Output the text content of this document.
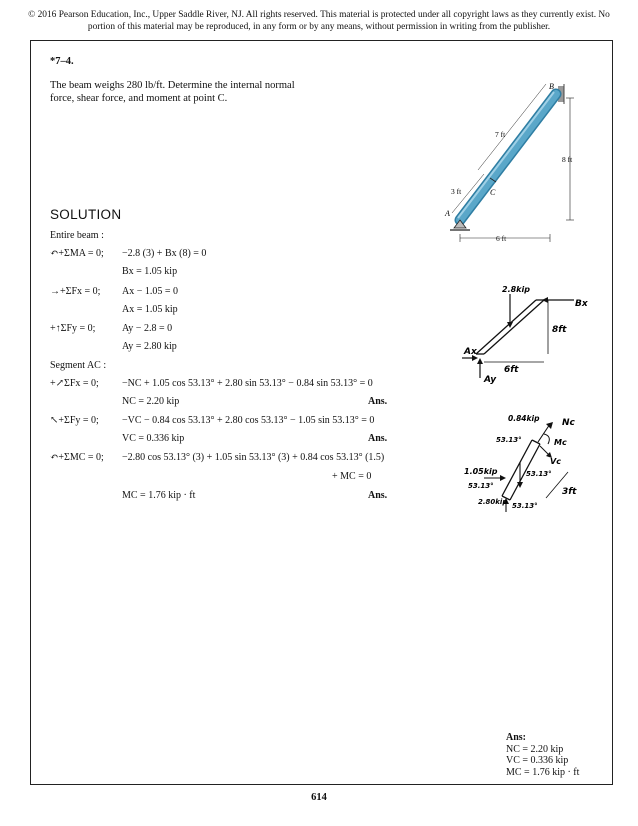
© 2016 Pearson Education, Inc., Upper Saddle River, NJ. All rights reserved. This material is protected under all copyright laws as they currently exist. No portion of this material may be reproduced, in any form or by any means, without permission in writing from the publisher.
*7–4.
The beam weighs 280 lb/ft. Determine the internal normal force, shear force, and moment at point C.
B
A
C
7 ft
8 ft
3 ft
6 ft
SOLUTION
Entire beam :
↶+ΣMA = 0; −2.8 (3) + Bx (8) = 0
Bx = 1.05 kip
→+ΣFx = 0; Ax − 1.05 = 0
Ax = 1.05 kip
+↑ΣFy = 0;	Ay − 2.8 = 0
Ay = 2.80 kip
Segment AC :
+↗ΣFx = 0; −NC + 1.05 cos 53.13° + 2.80 sin 53.13° − 0.84 sin 53.13° = 0
NC = 2.20 kip	Ans.
↖+ΣFy = 0; −VC − 0.84 cos 53.13° + 2.80 cos 53.13° − 1.05 sin 53.13° = 0
VC = 0.336 kip	Ans.
↶+ΣMC = 0; −2.80 cos 53.13° (3) + 1.05 sin 53.13° (3) + 0.84 cos 53.13° (1.5)
+ MC = 0
MC = 1.76 kip · ft	Ans.
2.8kip
Bx
Ax
Ay
8ft
6ft
0.84kip	Nc
Mc
Vc
53.13°
53.13°
53.13°
53.13°
1.05kip
2.80kip
3ft
Ans:
NC = 2.20 kip
VC = 0.336 kip
MC = 1.76 kip · ft
614
